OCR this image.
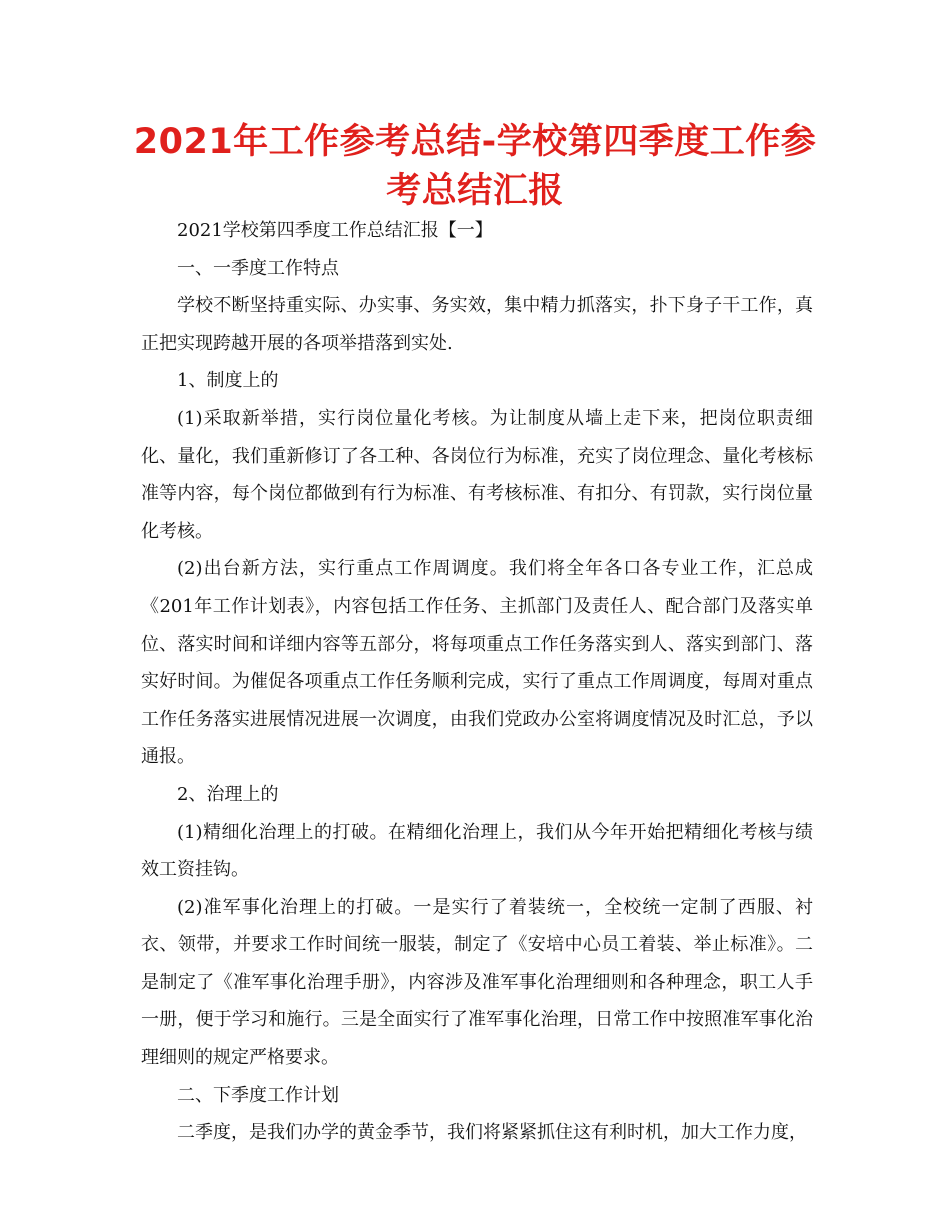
2021年工作参考总结-学校第四季度工作参考总结汇报

2021学校第四季度工作总结汇报【一】

一、一季度工作特点

学校不断坚持重实际、办实事、务实效，集中精力抓落实，扑下身子干工作，真正把实现跨越开展的各项举措落到实处.

1、制度上的

(1)采取新举措，实行岗位量化考核。为让制度从墙上走下来，把岗位职责细化、量化，我们重新修订了各工种、各岗位行为标准，充实了岗位理念、量化考核标准等内容，每个岗位都做到有行为标准、有考核标准、有扣分、有罚款，实行岗位量化考核。

(2)出台新方法，实行重点工作周调度。我们将全年各口各专业工作，汇总成《201年工作计划表》，内容包括工作任务、主抓部门及责任人、配合部门及落实单位、落实时间和详细内容等五部分，将每项重点工作任务落实到人、落实到部门、落实好时间。为催促各项重点工作任务顺利完成，实行了重点工作周调度，每周对重点工作任务落实进展情况进展一次调度，由我们党政办公室将调度情况及时汇总，予以通报。

2、治理上的

(1)精细化治理上的打破。在精细化治理上，我们从今年开始把精细化考核与绩效工资挂钩。

(2)准军事化治理上的打破。一是实行了着装统一，全校统一定制了西服、衬衣、领带，并要求工作时间统一服装，制定了《安培中心员工着装、举止标准》。二是制定了《准军事化治理手册》，内容涉及准军事化治理细则和各种理念，职工人手一册，便于学习和施行。三是全面实行了准军事化治理，日常工作中按照准军事化治理细则的规定严格要求。

二、下季度工作计划

二季度，是我们办学的黄金季节，我们将紧紧抓住这有利时机，加大工作力度，
